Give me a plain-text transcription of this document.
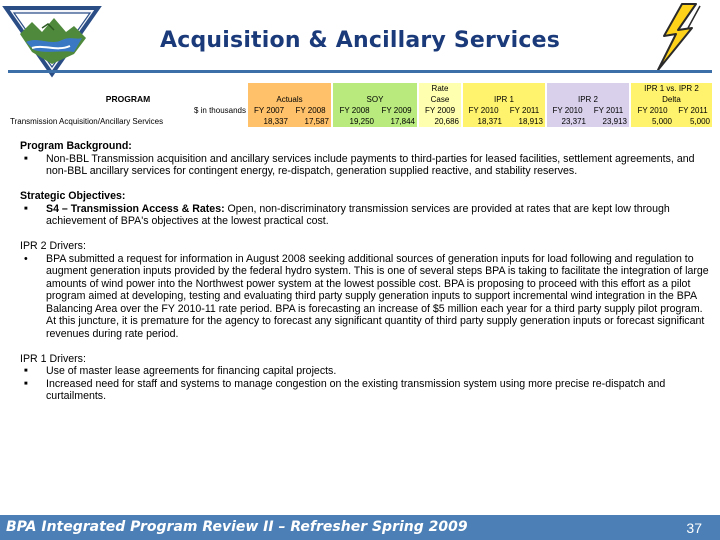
Acquisition & Ancillary Services
					Rate					IPR 1 vs. IPR 2	
PROGRAM	Actuals		SOY		Case	IPR 1		IPR 2		Delta	
$ in thousands	FY 2007	FY 2008	FY 2008	FY 2009	FY 2009	FY 2010	FY 2011	FY 2010	FY 2011	FY 2010	FY 2011
Transmission Acquisition/Ancillary Services	18,337	17,587	19,250	17,844	20,686	18,371	18,913	23,371	23,913	5,000	5,000
Program Background:
■	Non-BBL Transmission acquisition and ancillary services include payments to third-parties for leased facilities, settlement agreements, and non-BBL ancillary services for contingent energy, re-dispatch, generation supplied reactive, and stability reserves.
Strategic Objectives:
■	S4 – Transmission Access & Rates: Open, non-discriminatory transmission services are provided at rates that are kept low through achievement of BPA's objectives at the lowest practical cost.
IPR 2 Drivers:
•	BPA submitted a request for information in August 2008 seeking additional sources of generation inputs for load following and regulation to augment generation inputs provided by the federal hydro system. This is one of several steps BPA is taking to facilitate the integration of large amounts of wind power into the Northwest power system at the lowest possible cost. BPA is proposing to proceed with this effort as a pilot program aimed at developing, testing and evaluating third party supply generation inputs to support incremental wind integration in the BPA Balancing Area over the FY 2010-11 rate period. BPA is forecasting an increase of $5 million each year for a third party supply pilot program. At this juncture, it is premature for the agency to forecast any significant quantity of third party supply generation inputs or forecast significant revenues during rate period.
IPR 1 Drivers:
■	Use of master lease agreements for financing capital projects.
■	Increased need for staff and systems to manage congestion on the existing transmission system using more precise re-dispatch and curtailments.
BPA Integrated Program Review II – Refresher Spring 2009	37
